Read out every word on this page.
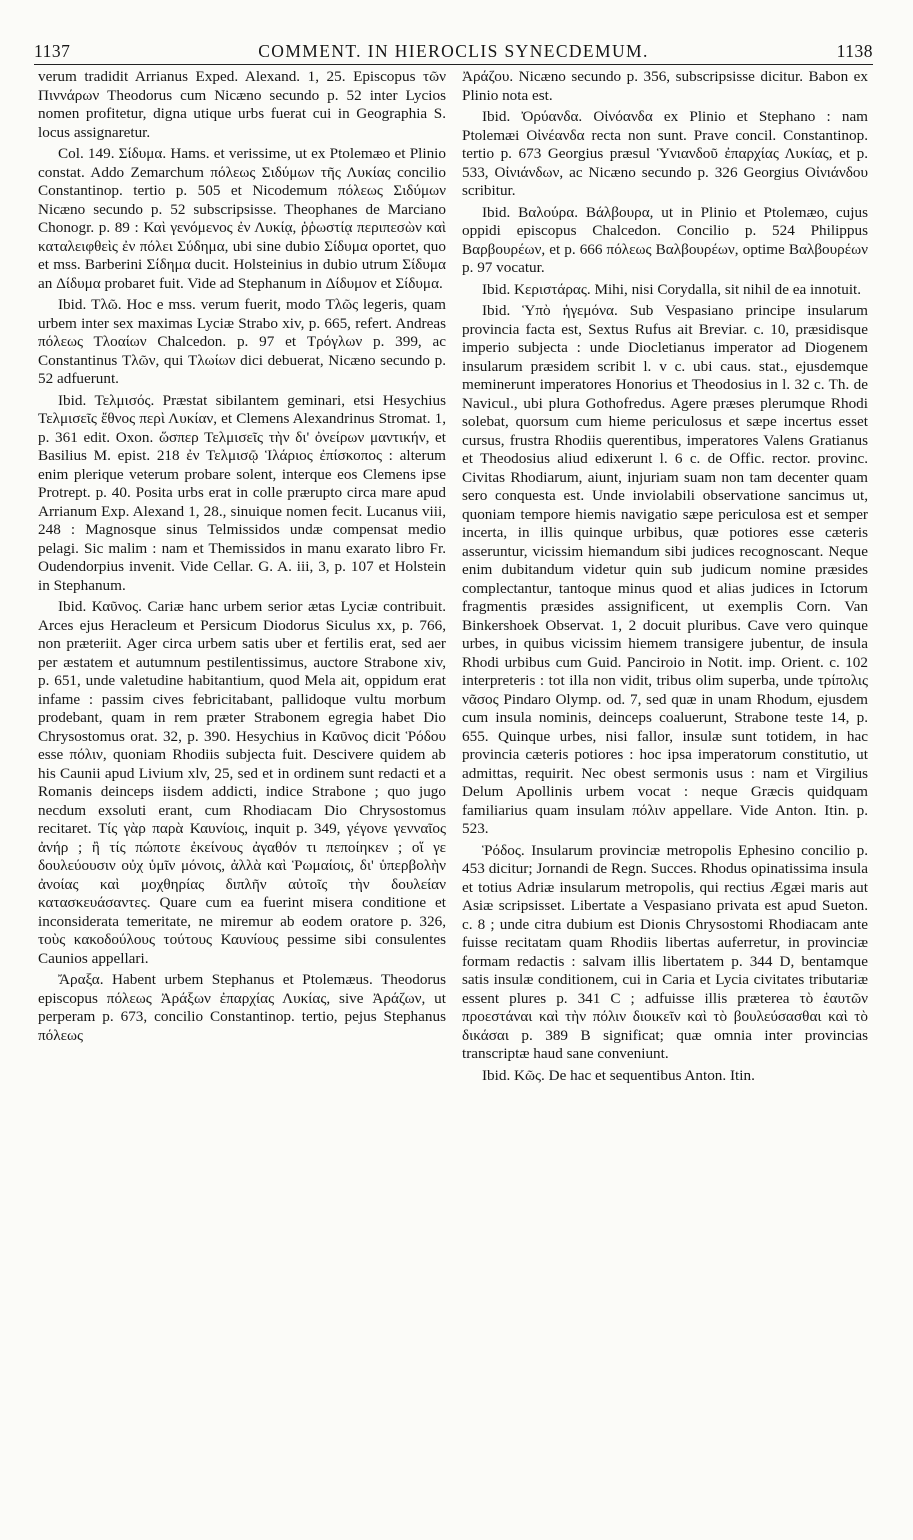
1137	COMMENT. IN HIEROCLIS SYNECDEMUM.	1138

verum tradidit Arrianus Exped. Alexand. 1, 25. Episcopus τῶν Πιννάρων Theodorus cum Nicæno secundo p. 52 inter Lycios nomen profitetur, digna utique urbs fuerat cui in Geographia S. locus assignaretur.

Col. 149. Σίδυμα. Hams. et verissime, ut ex Ptolemæo et Plinio constat. Addo Zemarchum πόλεως Σιδύμων τῆς Λυκίας concilio Constantinop. tertio p. 505 et Nicodemum πόλεως Σιδύμων Nicæno secundo p. 52 subscripsisse. Theophanes de Marciano Chonogr. p. 89 : Καὶ γενόμενος ἐν Λυκίᾳ, ῥῥωστίᾳ περιπεσὼν καὶ καταλειφθεὶς ἐν πόλει Σύδημα, ubi sine dubio Σίδυμα oportet, quo et mss. Barberini Σίδημα ducit. Holsteinius in dubio utrum Σίδυμα an Δίδυμα probaret fuit. Vide ad Stephanum in Δίδυμον et Σίδυμα.

Ibid. Τλῶ. Hoc e mss. verum fuerit, modo Τλῶς legeris, quam urbem inter sex maximas Lyciæ Strabo xiv, p. 665, refert. Andreas πόλεως Τλοαίων Chalcedon. p. 97 et Τρόγλων p. 399, ac Constantinus Τλῶν, qui Τλωίων dici debuerat, Nicæno secundo p. 52 adfuerunt.

Ibid. Τελμισός. Præstat sibilantem geminari, etsi Hesychius Τελμισεῖς ἔθνος περὶ Λυκίαν, et Clemens Alexandrinus Stromat. 1, p. 361 edit. Oxon. ὥσπερ Τελμισεῖς τὴν δι' ὀνείρων μαντικήν, et Basilius M. epist. 218 ἐν Τελμισῷ Ἱλάριος ἐπίσκοπος : alterum enim plerique veterum probare solent, interque eos Clemens ipse Protrept. p. 40. Posita urbs erat in colle prærupto circa mare apud Arrianum Exp. Alexand 1, 28., sinuique nomen fecit. Lucanus viii, 248 : Magnosque sinus Telmissidos undæ compensat medio pelagi. Sic malim : nam et Themissidos in manu exarato libro Fr. Oudendorpius invenit. Vide Cellar. G. A. iii, 3, p. 107 et Holstein in Stephanum.

Ibid. Καῦνος. Cariæ hanc urbem serior ætas Lyciæ contribuit. Arces ejus Heracleum et Persicum Diodorus Siculus xx, p. 766, non præteriit. Ager circa urbem satis uber et fertilis erat, sed aer per æstatem et autumnum pestilentissimus, auctore Strabone xiv, p. 651, unde valetudine habitantium, quod Mela ait, oppidum erat infame : passim cives febricitabant, pallidoque vultu morbum prodebant, quam in rem præter Strabonem egregia habet Dio Chrysostomus orat. 32, p. 390. Hesychius in Καῦνος dicit Ῥόδου esse πόλιν, quoniam Rhodiis subjecta fuit. Descivere quidem ab his Caunii apud Livium xlv, 25, sed et in ordinem sunt redacti et a Romanis deinceps iisdem addicti, indice Strabone ; quo jugo necdum exsoluti erant, cum Rhodiacam Dio Chrysostomus recitaret. Τίς γὰρ παρὰ Καυνίοις, inquit p. 349, γέγονε γενναῖος ἀνήρ ; ἢ τίς πώποτε ἐκείνους ἀγαθόν τι πεποίηκεν ; οἵ γε δουλεύουσιν οὐχ ὑμῖν μόνοις, ἀλλὰ καὶ Ῥωμαίοις, δι' ὑπερβολὴν ἀνοίας καὶ μοχθηρίας διπλῆν αὐτοῖς τὴν δουλείαν κατασκευάσαντες. Quare cum ea fuerint misera conditione et inconsiderata temeritate, ne miremur ab eodem oratore p. 326, τοὺς κακοδούλους τούτους Καυνίους pessime sibi consulentes Caunios appellari.

Ἄραξα. Habent urbem Stephanus et Ptolemæus. Theodorus episcopus πόλεως Ἀράξων ἐπαρχίας Λυκίας, sive Ἀράζων, ut perperam p. 673, concilio Constantinop. tertio, pejus Stephanus πόλεως

Ἀράζου. Nicæno secundo p. 356, subscripsisse dicitur. Babon ex Plinio nota est.

Ibid. Ὀρύανδα. Οἰνόανδα ex Plinio et Stephano : nam Ptolemæi Οἰνέανδα recta non sunt. Prave concil. Constantinop. tertio p. 673 Georgius præsul Ὑνιανδοῦ ἐπαρχίας Λυκίας, et p. 533, Οἰνιάνδων, ac Nicæno secundo p. 326 Georgius Οἰνιάνδου scribitur.

Ibid. Βαλούρα. Βάλβουρα, ut in Plinio et Ptolemæo, cujus oppidi episcopus Chalcedon. Concilio p. 524 Philippus Βαρβουρέων, et p. 666 πόλεως Βαλβουρέων, optime Βαλβουρέων p. 97 vocatur.

Ibid. Κεριστάρας. Mihi, nisi Corydalla, sit nihil de ea innotuit.

Ibid. Ὑπὸ ἡγεμόνα. Sub Vespasiano principe insularum provincia facta est, Sextus Rufus ait Breviar. c. 10, præsidisque imperio subjecta : unde Diocletianus imperator ad Diogenem insularum præsidem scribit l. v c. ubi caus. stat., ejusdemque meminerunt imperatores Honorius et Theodosius in l. 32 c. Th. de Navicul., ubi plura Gothofredus. Agere præses plerumque Rhodi solebat, quorsum cum hieme periculosus et sæpe incertus esset cursus, frustra Rhodiis querentibus, imperatores Valens Gratianus et Theodosius aliud edixerunt l. 6 c. de Offic. rector. provinc. Civitas Rhodiarum, aiunt, injuriam suam non tam decenter quam sero conquesta est. Unde inviolabili observatione sancimus ut, quoniam tempore hiemis navigatio sæpe periculosa est et semper incerta, in illis quinque urbibus, quæ potiores esse cæteris asseruntur, vicissim hiemandum sibi judices recognoscant. Neque enim dubitandum videtur quin sub judicum nomine præsides complectantur, tantoque minus quod et alias judices in Ictorum fragmentis præsides assignificent, ut exemplis Corn. Van Binkershoek Observat. 1, 2 docuit pluribus. Cave vero quinque urbes, in quibus vicissim hiemem transigere jubentur, de insula Rhodi urbibus cum Guid. Panciroio in Notit. imp. Orient. c. 102 interpreteris : tot illa non vidit, tribus olim superba, unde τρίπολις νᾶσος Pindaro Olymp. od. 7, sed quæ in unam Rhodum, ejusdem cum insula nominis, deinceps coaluerunt, Strabone teste 14, p. 655. Quinque urbes, nisi fallor, insulæ sunt totidem, in hac provincia cæteris potiores : hoc ipsa imperatorum constitutio, ut admittas, requirit. Nec obest sermonis usus : nam et Virgilius Delum Apollinis urbem vocat : neque Græcis quidquam familiarius quam insulam πόλιν appellare. Vide Anton. Itin. p. 523.

Ῥόδος. Insularum provinciæ metropolis Ephesino concilio p. 453 dicitur; Jornandi de Regn. Succes. Rhodus opinatissima insula et totius Adriæ insularum metropolis, qui rectius Ægæi maris aut Asiæ scripsisset. Libertate a Vespasiano privata est apud Sueton. c. 8 ; unde citra dubium est Dionis Chrysostomi Rhodiacam ante fuisse recitatam quam Rhodiis libertas auferretur, in provinciæ formam redactis : salvam illis libertatem p. 344 D, bentamque satis insulæ conditionem, cui in Caria et Lycia civitates tributariæ essent plures p. 341 C ; adfuisse illis præterea τὸ ἑαυτῶν προεστάναι καὶ τὴν πόλιν διοικεῖν καὶ τὸ βουλεύσασθαι καὶ τὸ δικάσαι p. 389 B significat; quæ omnia inter provincias transcriptæ haud sane conveniunt.

Ibid. Κῶς. De hac et sequentibus Anton. Itin.
